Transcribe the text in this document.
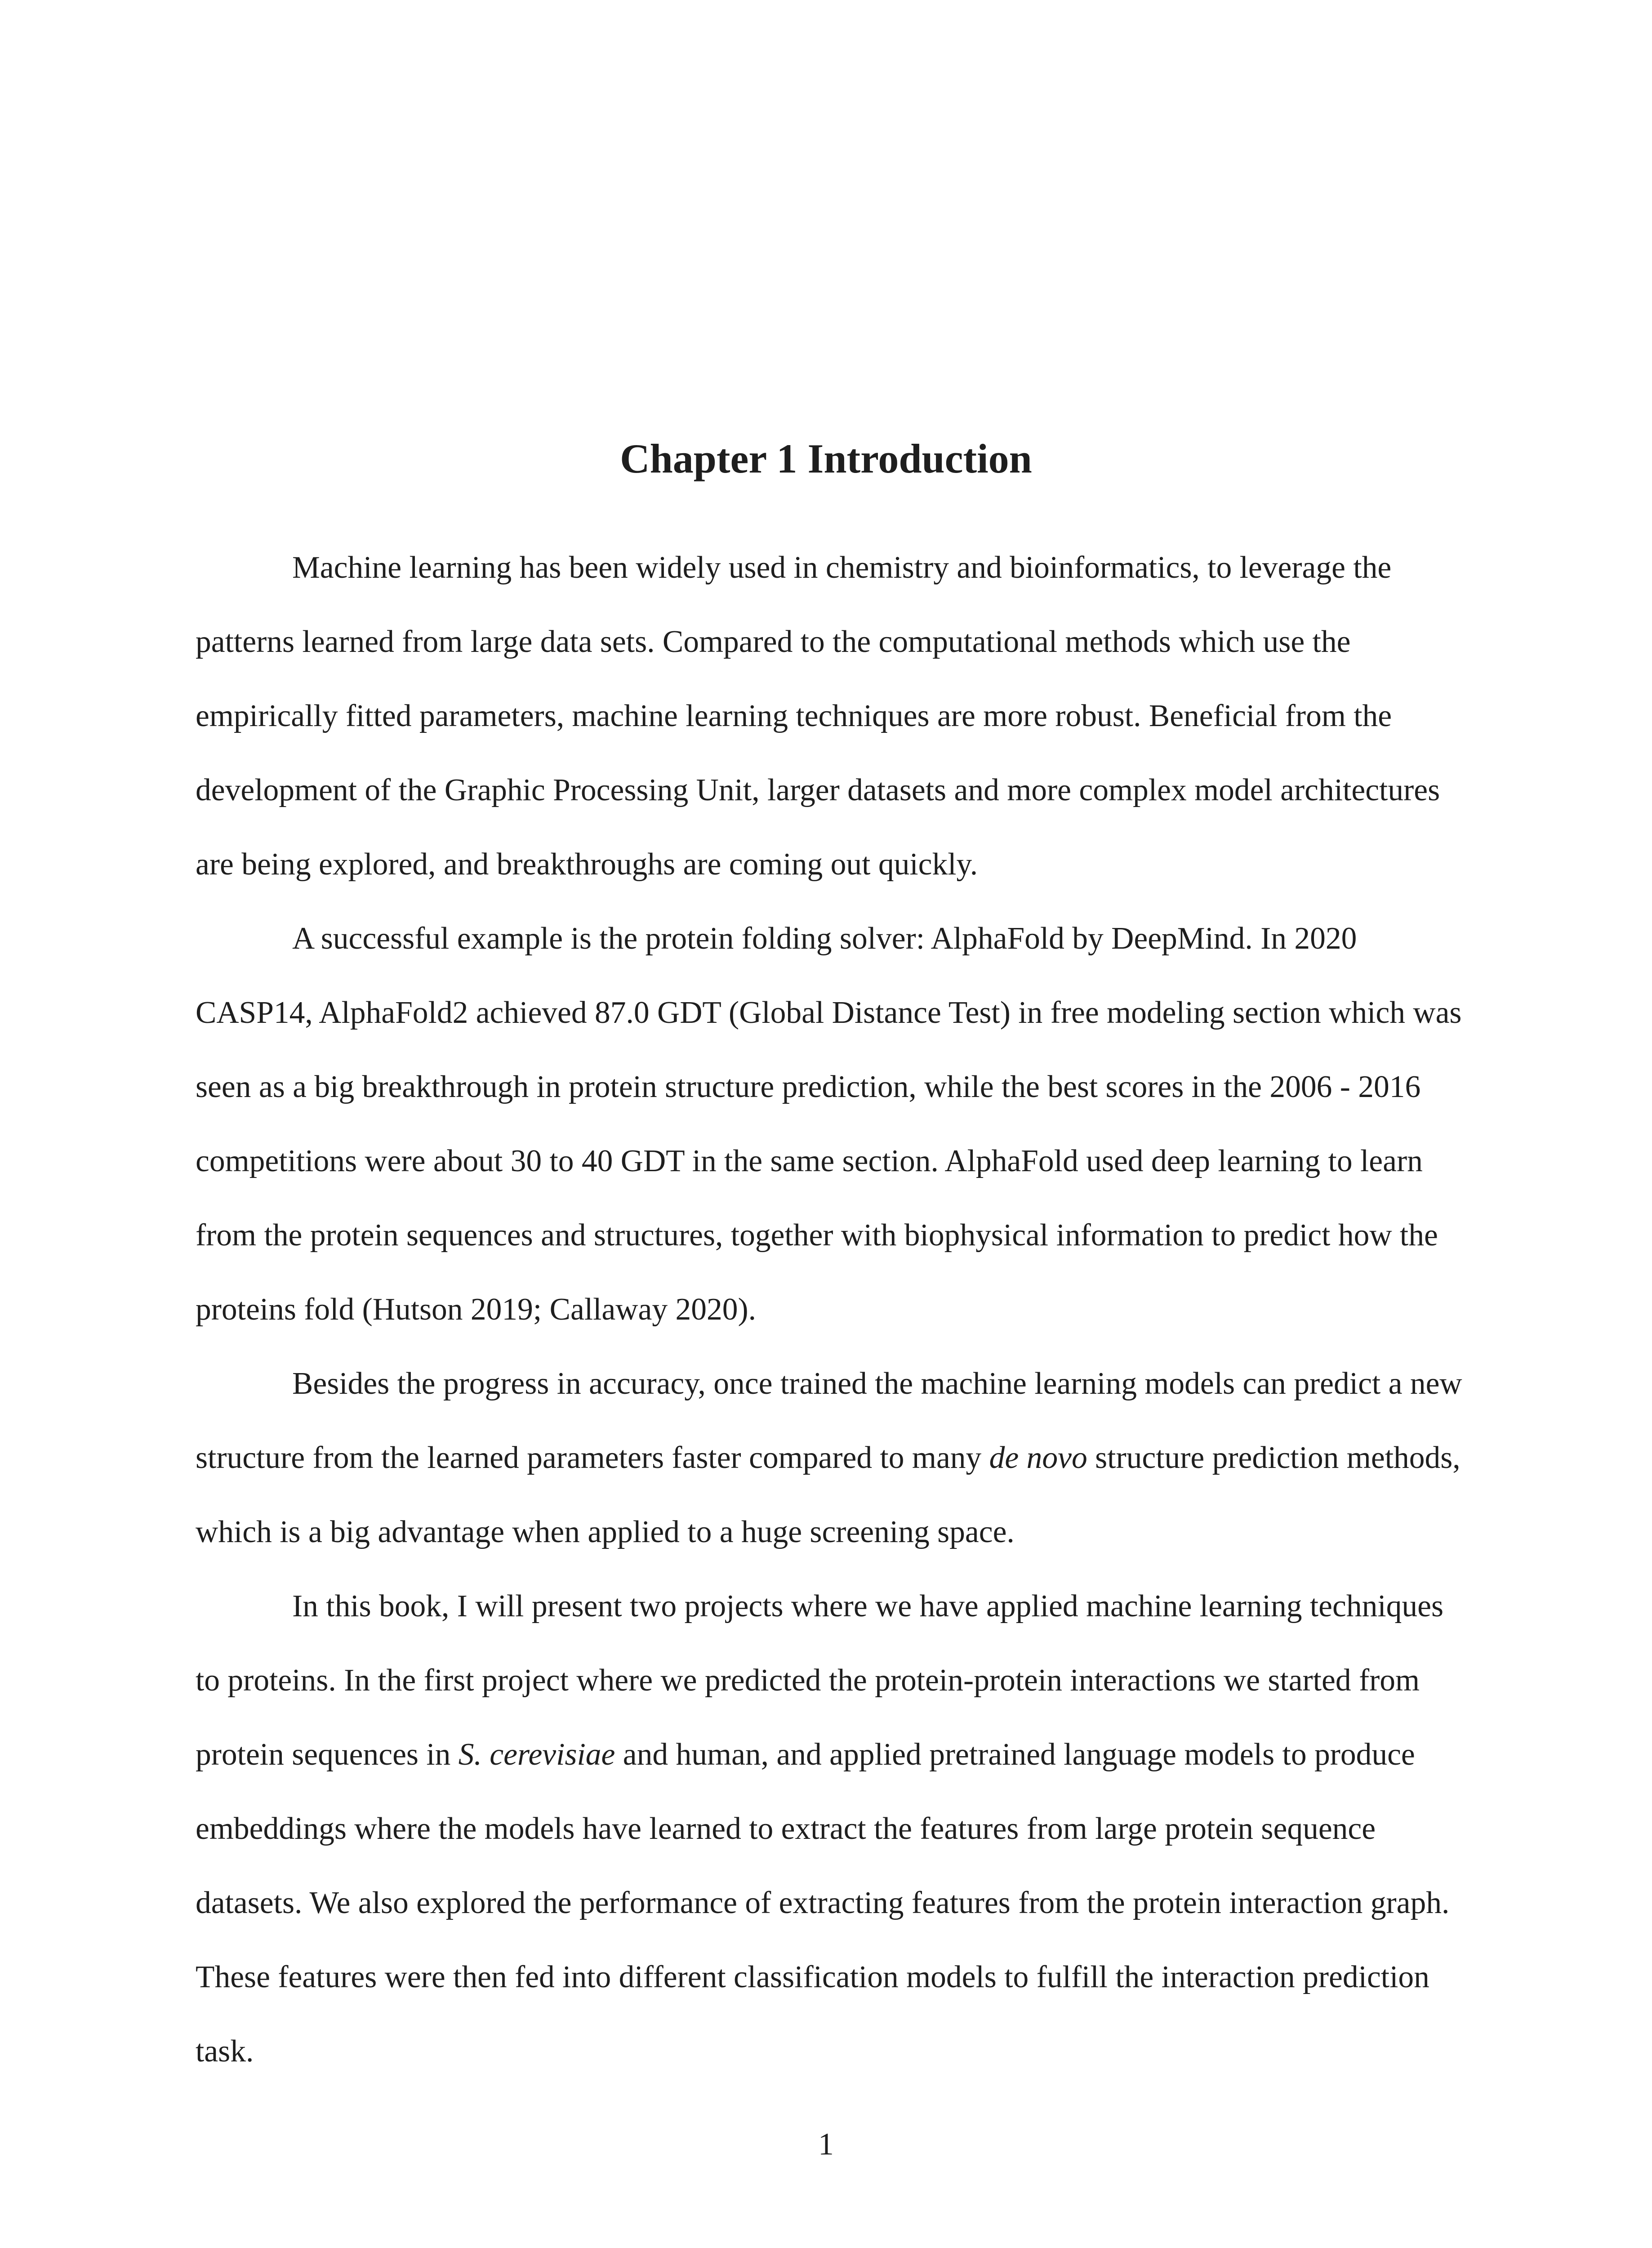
Chapter 1 Introduction

Machine learning has been widely used in chemistry and bioinformatics, to leverage the patterns learned from large data sets. Compared to the computational methods which use the empirically fitted parameters, machine learning techniques are more robust. Beneficial from the development of the Graphic Processing Unit, larger datasets and more complex model architectures are being explored, and breakthroughs are coming out quickly.

A successful example is the protein folding solver: AlphaFold by DeepMind. In 2020 CASP14, AlphaFold2 achieved 87.0 GDT (Global Distance Test) in free modeling section which was seen as a big breakthrough in protein structure prediction, while the best scores in the 2006 - 2016 competitions were about 30 to 40 GDT in the same section. AlphaFold used deep learning to learn from the protein sequences and structures, together with biophysical information to predict how the proteins fold (Hutson 2019; Callaway 2020).

Besides the progress in accuracy, once trained the machine learning models can predict a new structure from the learned parameters faster compared to many de novo structure prediction methods, which is a big advantage when applied to a huge screening space.

In this book, I will present two projects where we have applied machine learning techniques to proteins. In the first project where we predicted the protein-protein interactions we started from protein sequences in S. cerevisiae and human, and applied pretrained language models to produce embeddings where the models have learned to extract the features from large protein sequence datasets. We also explored the performance of extracting features from the protein interaction graph. These features were then fed into different classification models to fulfill the interaction prediction task.

1
